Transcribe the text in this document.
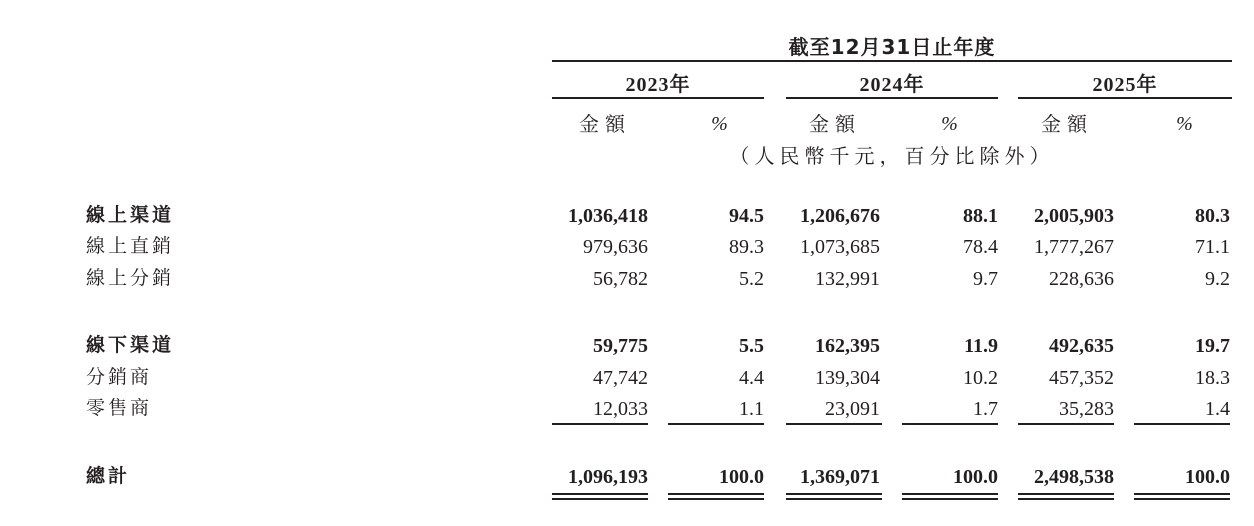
截至12月31日止年度
2023年	2024年	2025年
金額	%	金額	%	金額	%
（人民幣千元，百分比除外）
線上渠道	1,036,418	94.5	1,206,676	88.1	2,005,903	80.3
線上直銷	979,636	89.3	1,073,685	78.4	1,777,267	71.1
線上分銷	56,782	5.2	132,991	9.7	228,636	9.2
線下渠道	59,775	5.5	162,395	11.9	492,635	19.7
分銷商	47,742	4.4	139,304	10.2	457,352	18.3
零售商	12,033	1.1	23,091	1.7	35,283	1.4
總計	1,096,193	100.0	1,369,071	100.0	2,498,538	100.0
